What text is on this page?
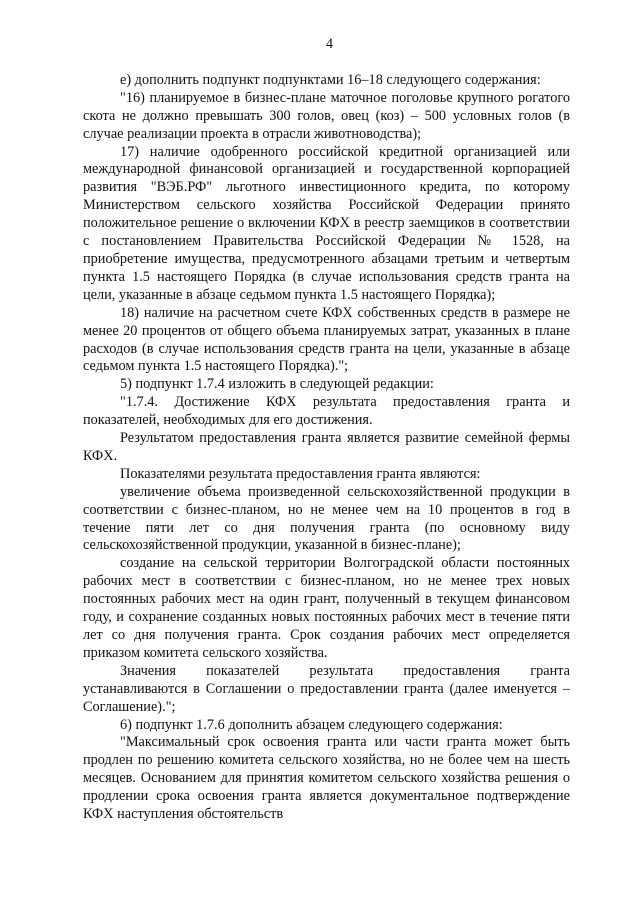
4

е) дополнить подпункт подпунктами 16–18 следующего содержания:

"16) планируемое в бизнес-плане маточное поголовье крупного рогатого скота не должно превышать 300 голов, овец (коз) – 500 условных голов (в случае реализации проекта в отрасли животноводства);

17) наличие одобренного российской кредитной организацией или международной финансовой организацией и государственной корпорацией развития "ВЭБ.РФ" льготного инвестиционного кредита, по которому Министерством сельского хозяйства Российской Федерации принято положительное решение о включении КФХ в реестр заемщиков в соответствии с постановлением Правительства Российской Федерации № 1528, на приобретение имущества, предусмотренного абзацами третьим и четвертым пункта 1.5 настоящего Порядка (в случае использования средств гранта на цели, указанные в абзаце седьмом пункта 1.5 настоящего Порядка);

18) наличие на расчетном счете КФХ собственных средств в размере не менее 20 процентов от общего объема планируемых затрат, указанных в плане расходов (в случае использования средств гранта на цели, указанные в абзаце седьмом пункта 1.5 настоящего Порядка).";

5) подпункт 1.7.4 изложить в следующей редакции:

"1.7.4. Достижение КФХ результата предоставления гранта и показателей, необходимых для его достижения.

Результатом предоставления гранта является развитие семейной фермы КФХ.

Показателями результата предоставления гранта являются:

увеличение объема произведенной сельскохозяйственной продукции в соответствии с бизнес-планом, но не менее чем на 10 процентов в год в течение пяти лет со дня получения гранта (по основному виду сельскохозяйственной продукции, указанной в бизнес-плане);

создание на сельской территории Волгоградской области постоянных рабочих мест в соответствии с бизнес-планом, но не менее трех новых постоянных рабочих мест на один грант, полученный в текущем финансовом году, и сохранение созданных новых постоянных рабочих мест в течение пяти лет со дня получения гранта. Срок создания рабочих мест определяется приказом комитета сельского хозяйства.

Значения показателей результата предоставления гранта устанавливаются в Соглашении о предоставлении гранта (далее именуется – Соглашение).";

6) подпункт 1.7.6 дополнить абзацем следующего содержания:

"Максимальный срок освоения гранта или части гранта может быть продлен по решению комитета сельского хозяйства, но не более чем на шесть месяцев. Основанием для принятия комитетом сельского хозяйства решения о продлении срока освоения гранта является документальное подтверждение КФХ наступления обстоятельств
